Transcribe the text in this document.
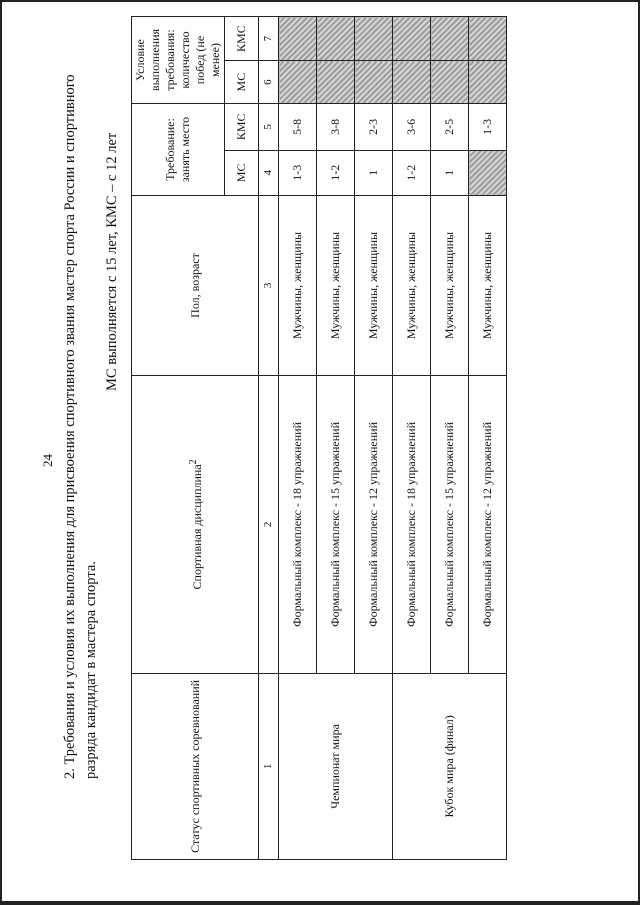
24 2. Требования и условия их выполнения для присвоения спортивного звания мастер спорта России и спортивного разряда кандидат в мастера спорта.

МС выполняется с 15 лет, КМС – с 12 лет
Статус спортивных соревнований	Спортивная дисциплина$^2$	Пол, возраст	Требование: занять место		Условие выполнения требования: количество побед (не менее)	
			МС	КМС	МС	КМС
1	2	3	4	5	6	7
Чемпионат мира	Формальный комплекс - 18 упражнений	Мужчины, женщины	1-3	5-8		
	Формальный комплекс - 15 упражнений	Мужчины, женщины	1-2	3-8		
	Формальный комплекс - 12 упражнений	Мужчины, женщины	1	2-3		
Кубок мира (финал)	Формальный комплекс - 18 упражнений	Мужчины, женщины	1-2	3-6		
	Формальный комплекс - 15 упражнений	Мужчины, женщины	1	2-5		
	Формальный комплекс - 12 упражнений	Мужчины, женщины		1-3		
